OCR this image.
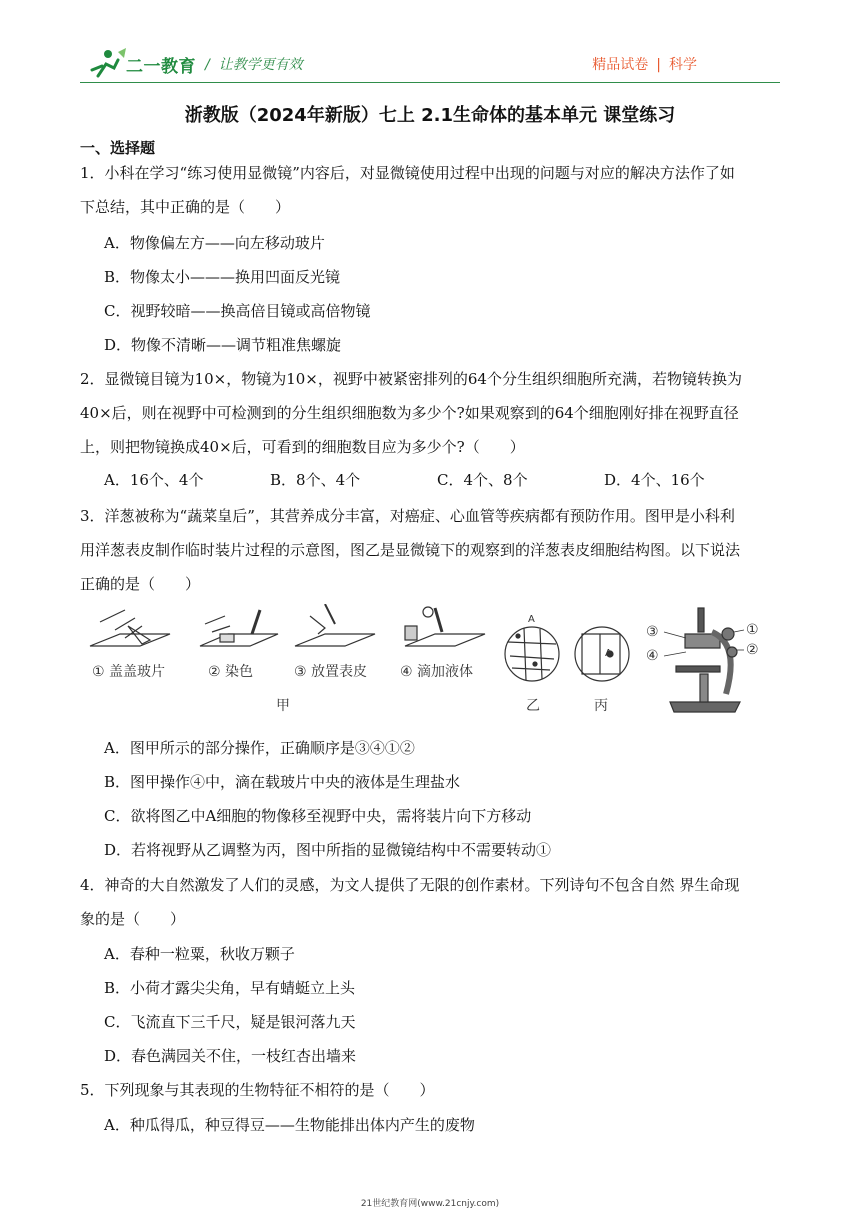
二一教育 /  让教学更有效	精品试卷 | 科学
浙教版（2024年新版）七上 2.1生命体的基本单元 课堂练习
一、选择题
1．小科在学习“练习使用显微镜”内容后，对显微镜使用过程中出现的问题与对应的解决方法作了如
下总结，其中正确的是（　　）
A．物像偏左方——向左移动玻片
B．物像太小———换用凹面反光镜
C．视野较暗——换高倍目镜或高倍物镜
D．物像不清晰——调节粗准焦螺旋
2．显微镜目镜为10×，物镜为10×，视野中被紧密排列的64个分生组织细胞所充满，若物镜转换为
40×后，则在视野中可检测到的分生组织细胞数为多少个?如果观察到的64个细胞刚好排在视野直径
上，则把物镜换成40×后，可看到的细胞数目应为多少个?（　　）
A．16个、4个	B．8个、4个	C．4个、8个	D．4个、16个
3．洋葱被称为“蔬菜皇后”，其营养成分丰富，对癌症、心血管等疾病都有预防作用。图甲是小科利
用洋葱表皮制作临时装片过程的示意图，图乙是显微镜下的观察到的洋葱表皮细胞结构图。以下说法
正确的是（　　）
① 盖盖玻片	② 染色	③ 放置表皮 ④ 滴加液体
甲
A
乙
A
丙
③	①
④	②
A．图甲所示的部分操作，正确顺序是③④①②
B．图甲操作④中，滴在载玻片中央的液体是生理盐水
C．欲将图乙中A细胞的物像移至视野中央，需将装片向下方移动
D．若将视野从乙调整为丙，图中所指的显微镜结构中不需要转动①
4．神奇的大自然激发了人们的灵感，为文人提供了无限的创作素材。下列诗句不包含自然 界生命现
象的是（　　）
A．春种一粒粟，秋收万颗子
B．小荷才露尖尖角，早有蜻蜓立上头
C．飞流直下三千尺，疑是银河落九天
D．春色满园关不住，一枝红杏出墙来
5．下列现象与其表现的生物特征不相符的是（　　）
A．种瓜得瓜，种豆得豆——生物能排出体内产生的废物
21世纪教育网(www.21cnjy.com)
